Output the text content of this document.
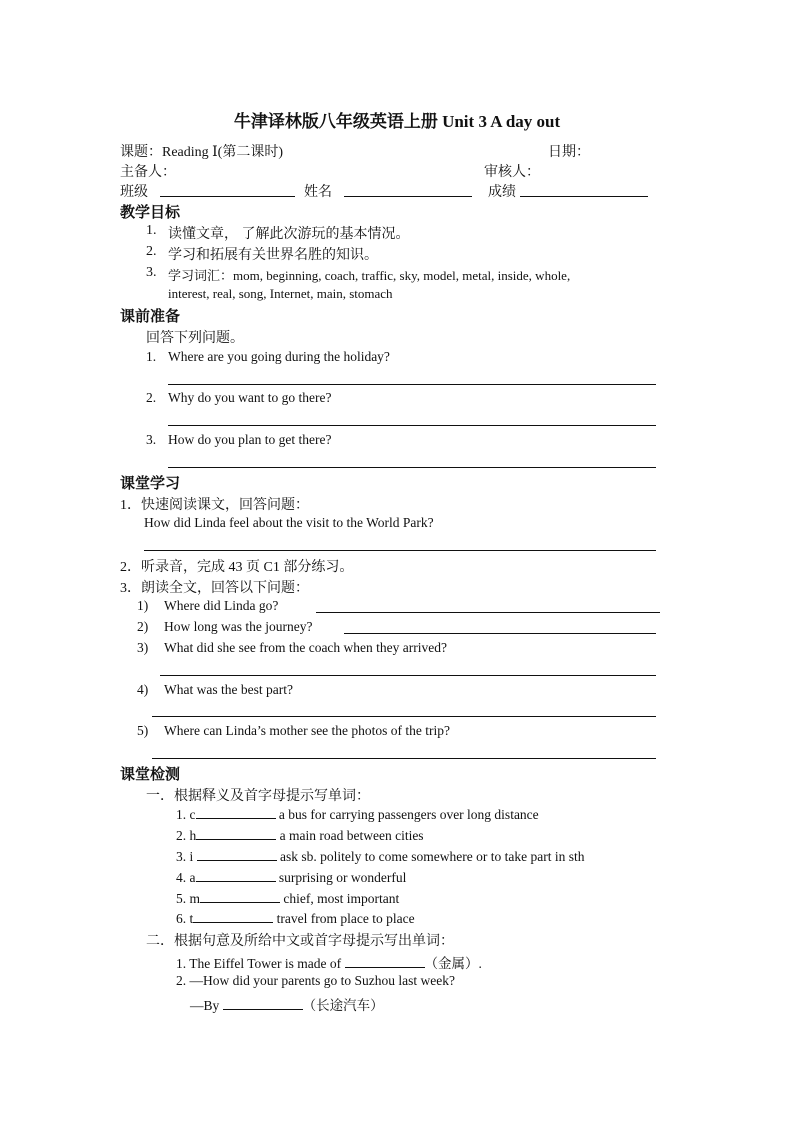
牛津译林版八年级英语上册 Unit 3 A day out
课题：Reading Ⅰ(第二课时)	日期：
主备人：	审核人：
班级	姓名	成绩
教学目标
1. 读懂文章， 了解此次游玩的基本情况。
2. 学习和拓展有关世界名胜的知识。
3. 学习词汇：mom, beginning, coach, traffic, sky, model, metal, inside, whole,
interest, real, song, Internet, main, stomach
课前准备
回答下列问题。
1. Where are you going during the holiday?
2. Why do you want to go there?
3. How do you plan to get there?
课堂学习
1．快速阅读课文，回答问题：
How did Linda feel about the visit to the World Park?
2．听录音，完成 43 页 C1 部分练习。
3．朗读全文，回答以下问题：
1) Where did Linda go?
2) How long was the journey?
3) What did she see from the coach when they arrived?
4) What was the best part?
5) Where can Linda’s mother see the photos of the trip?
课堂检测
一．根据释义及首字母提示写单词：
1. c	a bus for carrying passengers over long distance
2. h	a main road between cities
3. i	ask sb. politely to come somewhere or to take part in sth
4. a	surprising or wonderful
5. m	chief, most important
6. t	travel from place to place
二．根据句意及所给中文或首字母提示写出单词：
1. The Eiffel Tower is made of	（金属）.
2. —How did your parents go to Suzhou last week?
—By	（长途汽车）
